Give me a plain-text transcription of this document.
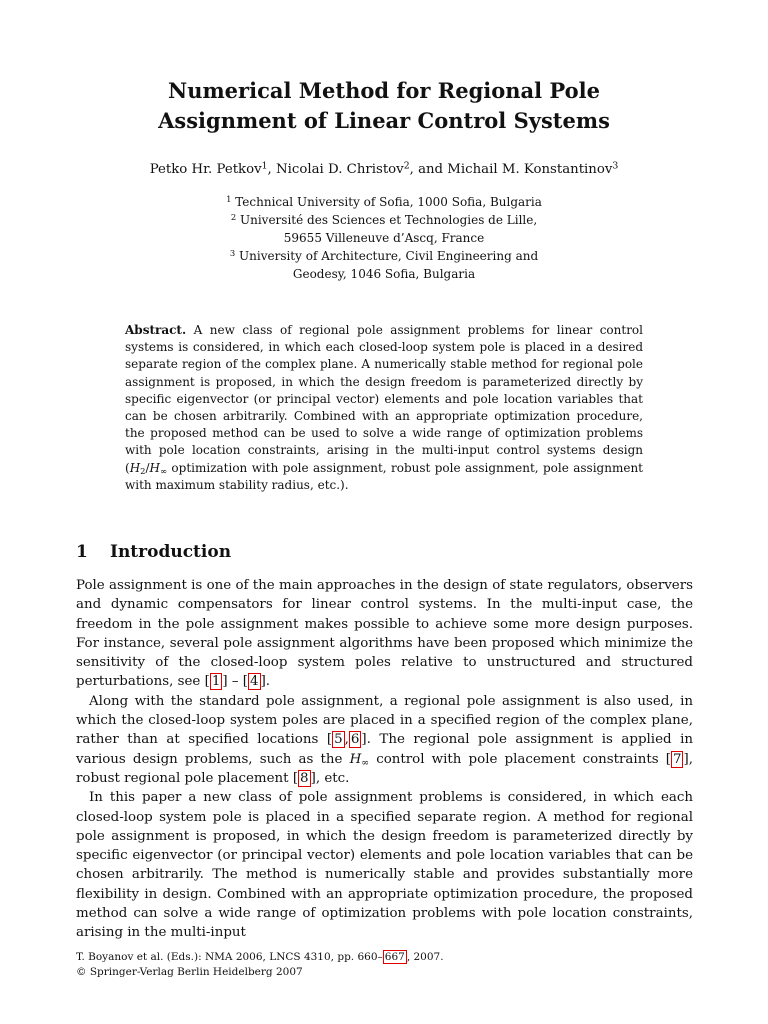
Numerical Method for Regional Pole
Assignment of Linear Control Systems
Petko Hr. Petkov$^1$, Nicolai D. Christov$^2$, and Michail M. Konstantinov$^3$
$^1$ Technical University of Sofia, 1000 Sofia, Bulgaria
$^2$ Université des Sciences et Technologies de Lille,
59655 Villeneuve d’Ascq, France
$^3$ University of Architecture, Civil Engineering and
Geodesy, 1046 Sofia, Bulgaria
Abstract. A new class of regional pole assignment problems for linear control systems is considered, in which each closed-loop system pole is placed in a desired separate region of the complex plane. A numerically stable method for regional pole assignment is proposed, in which the design freedom is parameterized directly by specific eigenvector (or principal vector) elements and pole location variables that can be chosen arbitrarily. Combined with an appropriate optimization procedure, the proposed method can be used to solve a wide range of optimization problems with pole location constraints, arising in the multi-input control systems design ($H_2/H_\infty$ optimization with pole assignment, robust pole assignment, pole assignment with maximum stability radius, etc.).
1 Introduction

Pole assignment is one of the main approaches in the design of state regulators, observers and dynamic compensators for linear control systems. In the multi-input case, the freedom in the pole assignment makes possible to achieve some more design purposes. For instance, several pole assignment algorithms have been proposed which minimize the sensitivity of the closed-loop system poles relative to unstructured and structured perturbations, see [ 1 ] – [ 4 ].

Along with the standard pole assignment, a regional pole assignment is also used, in which the closed-loop system poles are placed in a specified region of the complex plane, rather than at specified locations [ 5 , 6 ]. The regional pole assignment is applied in various design problems, such as the $H_\infty$ control with pole placement constraints [ 7 ], robust regional pole placement [ 8 ], etc.

In this paper a new class of pole assignment problems is considered, in which each closed-loop system pole is placed in a specified separate region. A method for regional pole assignment is proposed, in which the design freedom is parameterized directly by specific eigenvector (or principal vector) elements and pole location variables that can be chosen arbitrarily. The method is numerically stable and provides substantially more flexibility in design. Combined with an appropriate optimization procedure, the proposed method can solve a wide range of optimization problems with pole location constraints, arising in the multi-input

T. Boyanov et al. (Eds.): NMA 2006, LNCS 4310, pp. 660– 667 , 2007.
© Springer-Verlag Berlin Heidelberg 2007
